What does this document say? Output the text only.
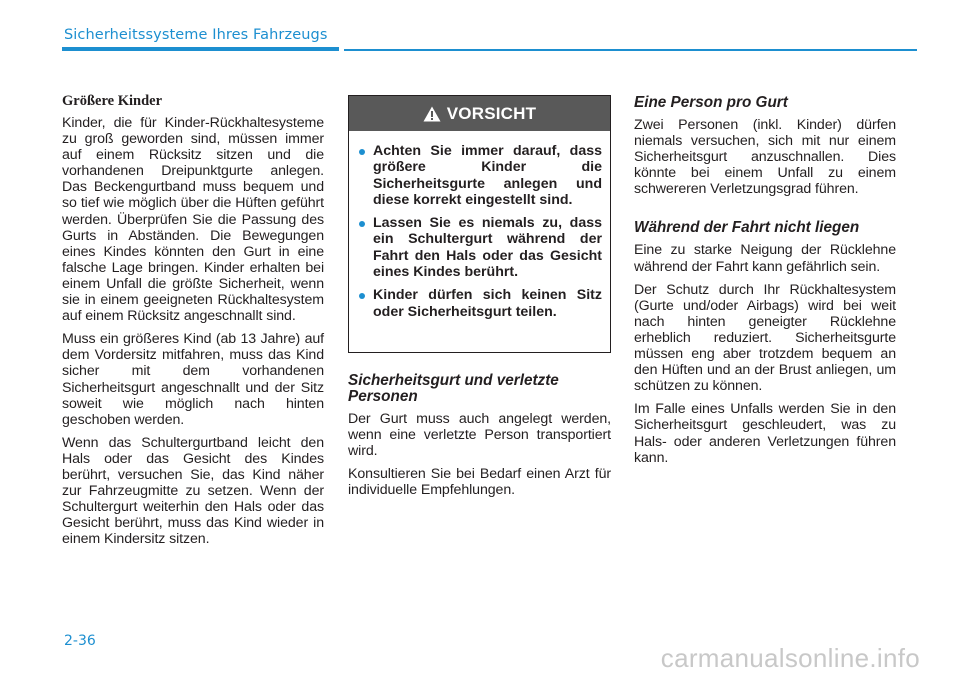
Sicherheitssysteme Ihres Fahrzeugs
Größere Kinder

Kinder, die für Kinder-Rückhaltesysteme zu groß geworden sind, müssen immer auf einem Rücksitz sitzen und die vorhandenen Dreipunktgurte anlegen. Das Beckengurtband muss bequem und so tief wie möglich über die Hüften geführt werden. Überprüfen Sie die Passung des Gurts in Abständen. Die Bewegungen eines Kindes könnten den Gurt in eine falsche Lage bringen. Kinder erhalten bei einem Unfall die größte Sicherheit, wenn sie in einem geeigneten Rückhaltesystem auf einem Rücksitz angeschnallt sind.

Muss ein größeres Kind (ab 13 Jahre) auf dem Vordersitz mitfahren, muss das Kind sicher mit dem vorhandenen Sicherheitsgurt angeschnallt und der Sitz soweit wie möglich nach hinten geschoben werden.

Wenn das Schultergurtband leicht den Hals oder das Gesicht des Kindes berührt, versuchen Sie, das Kind näher zur Fahrzeugmitte zu setzen. Wenn der Schultergurt weiterhin den Hals oder das Gesicht berührt, muss das Kind wieder in einem Kindersitz sitzen.

VORSICHT
Achten Sie immer darauf, dass größere Kinder die Sicherheitsgurte anlegen und diese korrekt eingestellt sind.
Lassen Sie es niemals zu, dass ein Schultergurt während der Fahrt den Hals oder das Gesicht eines Kindes berührt.
Kinder dürfen sich keinen Sitz oder Sicherheitsgurt teilen.
Sicherheitsgurt und verletzte Personen

Der Gurt muss auch angelegt werden, wenn eine verletzte Person transportiert wird.

Konsultieren Sie bei Bedarf einen Arzt für individuelle Empfehlungen.

Eine Person pro Gurt

Zwei Personen (inkl. Kinder) dürfen niemals versuchen, sich mit nur einem Sicherheitsgurt anzuschnallen. Dies könnte bei einem Unfall zu einem schwereren Verletzungsgrad führen.

Während der Fahrt nicht liegen

Eine zu starke Neigung der Rücklehne während der Fahrt kann gefährlich sein.

Der Schutz durch Ihr Rückhaltesystem (Gurte und/oder Airbags) wird bei weit nach hinten geneigter Rücklehne erheblich reduziert. Sicherheitsgurte müssen eng aber trotzdem bequem an den Hüften und an der Brust anliegen, um schützen zu können.

Im Falle eines Unfalls werden Sie in den Sicherheitsgurt geschleudert, was zu Hals- oder anderen Verletzungen führen kann.

2-36
carmanualsonline.info
